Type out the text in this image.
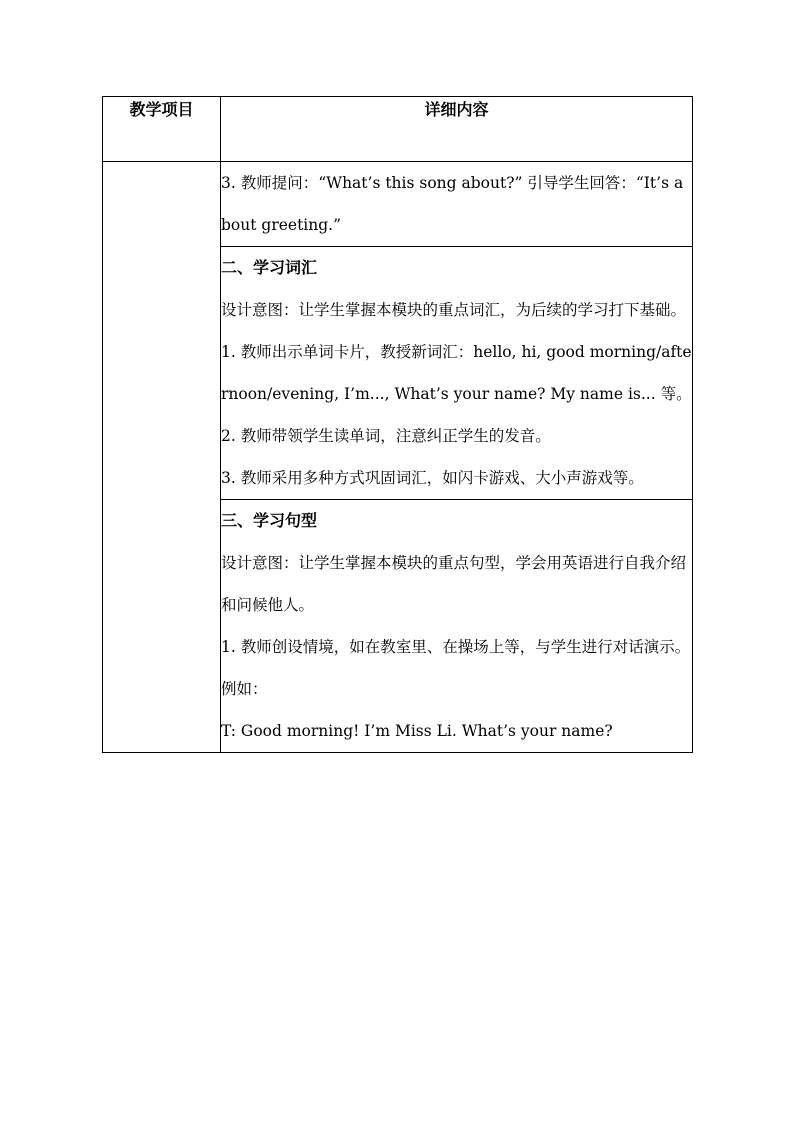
教学项目	详细内容

	3. 教师提问：“What’s this song about?” 引导学生回答：“It’s about greeting.”

	二、学习词汇

设计意图：让学生掌握本模块的重点词汇，为后续的学习打下基础。

1. 教师出示单词卡片，教授新词汇：hello, hi, good morning/afternoon/evening, I’m..., What’s your name? My name is... 等。

2. 教师带领学生读单词，注意纠正学生的发音。

3. 教师采用多种方式巩固词汇，如闪卡游戏、大小声游戏等。

	三、学习句型

设计意图：让学生掌握本模块的重点句型，学会用英语进行自我介绍和问候他人。

1. 教师创设情境，如在教室里、在操场上等，与学生进行对话演示。

例如：

T: Good morning! I’m Miss Li. What’s your name?
